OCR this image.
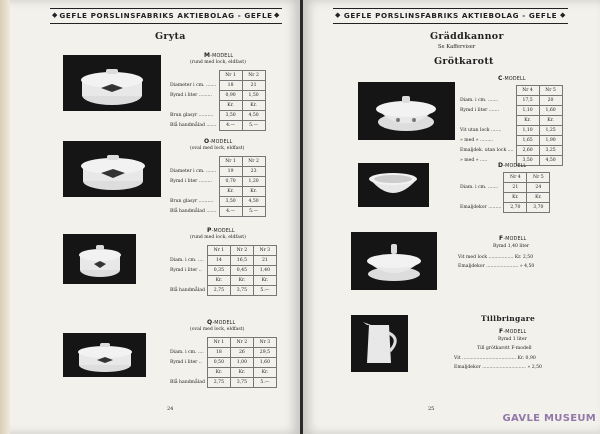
◆ GEFLE PORSLINSFABRIKS AKTIEBOLAG - GEFLE ◆
Gryta
M-MODELL
(rund med lock, eldfast)
	Nr 1	Nr 2
Diameter i cm. .......	18	21
Rymd i liter .........	0,90	1,50
	Kr.	Kr.
Brun glasyr ..........	3,50	4,50
Blå handmålad .......	4.—	5.—
O-MODELL
(oval med lock, eldfast)
	Nr 1	Nr 2
Diameter i cm. .......	19	23
Rymd i liter .........	0,70	1,20
	Kr.	Kr.
Brun glasyr ..........	3,50	4,50
Blå handmålad .......	4.—	5.—
P-MODELL
(rund med lock, eldfast)
	Nr 1	Nr 2	Nr 3
Diam. i cm. ....	14	16,5	21
Rymd i liter ..	0,35	0,45	1,40
	Kr.	Kr.	Kr.
Blå handmålad	2,75	3,75	5.—
Q-MODELL
(oval med lock, eldfast)
	Nr 1	Nr 2	Nr 3
Diam. i cm. ....	18	26	29,5
Rymd i liter ..	0,50	1,00	1,60
	Kr.	Kr.	Kr.
Blå handmålad	2,75	3,75	5.—
24
◆ GEFLE PORSLINSFABRIKS AKTIEBOLAG - GEFLE ◆
Gräddkannor
Se Kafferviser
Grötkarott
C-MODELL
	Nr 4	Nr 5
Diam. i cm. .......	17,5	20
Rymd i liter .......	1,10	1,60
	Kr.	Kr.
Vit utan lock .......	1,10	1,25
» med » .........	1,65	1,90
Emaljdek. utan lock ....	2,60	3,25
» med » .....	3,50	4,50
D-MODELL
	Nr 4	Nr 5
Diam. i cm. .......	21	24
	Kr.	Kr.
Emaljdekor .........	2,70	3,70
F-MODELL
Rymd 1,40 liter
Vit med lock ................. Kr. 2,50
Emaljdekor ...................... » 4,50
Tillbringare
F-MODELL
Rymd 1 liter
Till grötkarott F-modell
Vit ..................................... Kr. 0,90
Emaljdekor .............................. » 2,50
25
GAVLE MUSEUM
